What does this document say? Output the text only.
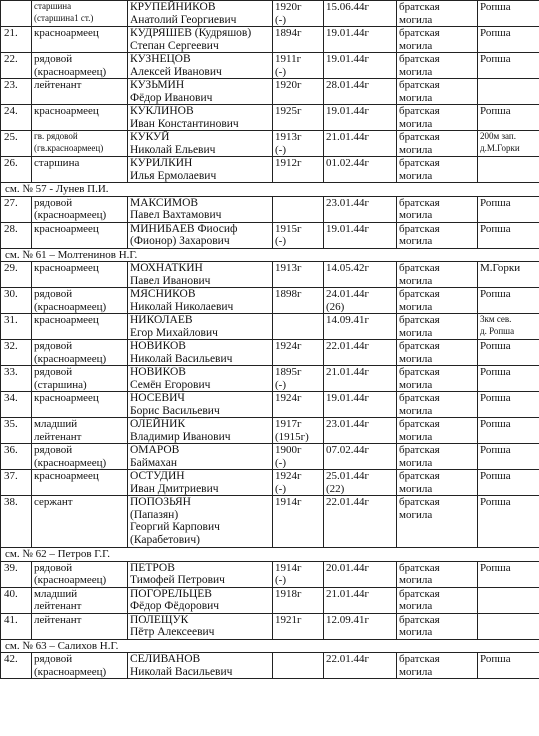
	старшина
(старшина1 ст.)	КРУПЕЙНИКОВ
Анатолий Георгиевич	1920г
(-)	15.06.44г	братская
могила	Ропша
21.	красноармеец	КУДРЯШЕВ (Кудряшов)
Степан Сергеевич	1894г	19.01.44г	братская
могила	Ропша
22.	рядовой
(красноармеец)	КУЗНЕЦОВ
Алексей Иванович	1911г
(-)	19.01.44г	братская
могила	Ропша
23.	лейтенант	КУЗЬМИН
Фёдор Иванович	1920г	28.01.44г	братская
могила	
24.	красноармеец	КУКЛИНОВ
Иван Константинович	1925г	19.01.44г	братская
могила	Ропша
25.	гв. рядовой
(гв.красноармеец)	КУКУЙ
Николай Ельевич	1913г
(-)	21.01.44г	братская
могила	200м зап.
д.М.Горки
26.	старшина	КУРИЛКИН
Илья Ермолаевич	1912г	01.02.44г	братская
могила	
см. № 57 - Лунев П.И.						
27.	рядовой
(красноармеец)	МАКСИМОВ
Павел Вахтамович		23.01.44г	братская
могила	Ропша
28.	красноармеец	МИНИБАЕВ Фиосиф
(Фионор) Захарович	1915г
(-)	19.01.44г	братская
могила	Ропша
см. № 61 – Молтенинов Н.Г.						
29.	красноармеец	МОХНАТКИН
Павел Иванович	1913г	14.05.42г	братская
могила	М.Горки
30.	рядовой
(красноармеец)	МЯСНИКОВ
Николай Николаевич	1898г	24.01.44г
(26)	братская
могила	Ропша
31.	красноармеец	НИКОЛАЕВ
Егор Михайлович		14.09.41г	братская
могила	3км сев.
д. Ропша
32.	рядовой
(красноармеец)	НОВИКОВ
Николай Васильевич	1924г	22.01.44г	братская
могила	Ропша
33.	рядовой
(старшина)	НОВИКОВ
Семён Егорович	1895г
(-)	21.01.44г	братская
могила	Ропша
34.	красноармеец	НОСЕВИЧ
Борис Васильевич	1924г	19.01.44г	братская
могила	Ропша
35.	младший
лейтенант	ОЛЕЙНИК
Владимир Иванович	1917г
(1915г)	23.01.44г	братская
могила	Ропша
36.	рядовой
(красноармеец)	ОМАРОВ
Баймахан	1900г
(-)	07.02.44г	братская
могила	Ропша
37.	красноармеец	ОСТУДИН
Иван Дмитриевич	1924г
(-)	25.01.44г
(22)	братская
могила	Ропша
38.	сержант	ПОПОЗЬЯН
(Папазян)
Георгий Карпович
(Карабетович)	1914г	22.01.44г	братская
могила	Ропша
см. № 62 – Петров Г.Г.						
39.	рядовой
(красноармеец)	ПЕТРОВ
Тимофей Петрович	1914г
(-)	20.01.44г	братская
могила	Ропша
40.	младший
лейтенант	ПОГОРЕЛЬЦЕВ
Фёдор Фёдорович	1918г	21.01.44г	братская
могила	
41.	лейтенант	ПОЛЕЩУК
Пётр Алексеевич	1921г	12.09.41г	братская
могила	
см. № 63 – Салихов Н.Г.						
42.	рядовой
(красноармеец)	СЕЛИВАНОВ
Николай Васильевич		22.01.44г	братская
могила	Ропша
